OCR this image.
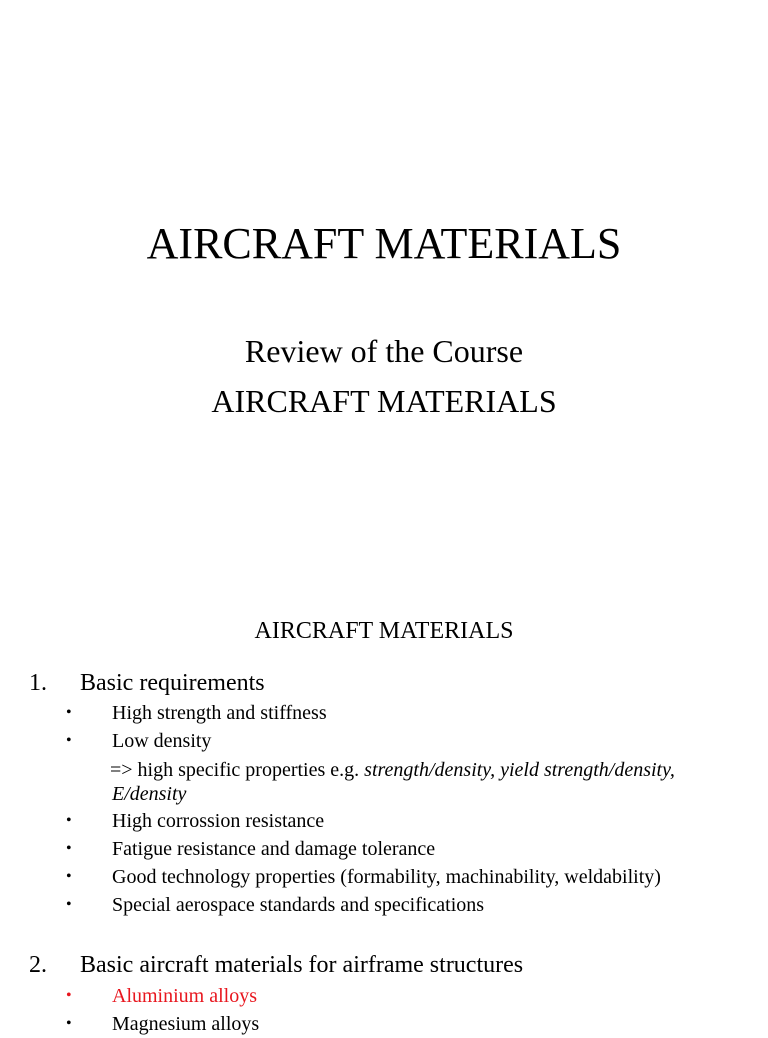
AIRCRAFT MATERIALS
Review of the Course
AIRCRAFT MATERIALS
AIRCRAFT MATERIALS
1. Basic requirements
• High strength and stiffness
• Low density
=> high specific properties e.g. strength/density, yield strength/density,
E/density
• High corrossion resistance
• Fatigue resistance and damage tolerance
• Good technology properties (formability, machinability, weldability)
• Special aerospace standards and specifications
2. Basic aircraft materials for airframe structures
• Aluminium alloys
• Magnesium alloys
